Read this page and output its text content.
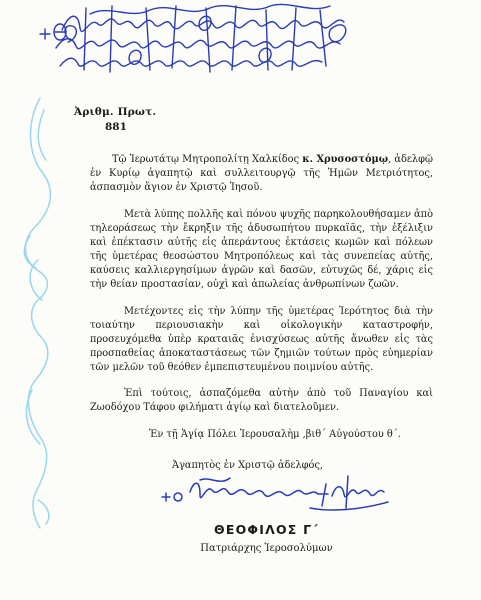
Ἀριθμ. Πρωτ.
881

Τῷ Ἱερωτάτῳ Μητροπολίτῃ Χαλκίδος κ. Χρυσοστόμῳ, ἀδελφῷ ἐν Κυρίῳ ἀγαπητῷ καὶ συλλειτουργῷ τῆς Ἡμῶν Μετριότητος, ἀσπασμὸν ἅγιον ἐν Χριστῷ Ἰησοῦ.

Μετὰ λύπης πολλῆς καὶ πόνου ψυχῆς παρηκολουθήσαμεν ἀπὸ τηλεοράσεως τὴν ἔκρηξιν τῆς ἀδυσωπήτου πυρκαϊᾶς, τὴν ἐξέλιξιν καὶ ἐπέκτασιν αὐτῆς εἰς ἀπεράντους ἐκτάσεις κωμῶν καὶ πόλεων τῆς ὑμετέρας θεοσώστου Μητροπόλεως καὶ τὰς συνεπείας αὐτῆς, καύσεις καλλιεργησίμων ἀγρῶν καὶ δασῶν, εὐτυχῶς δέ, χάρις εἰς τὴν θείαν προστασίαν, οὐχὶ καὶ ἀπωλείας ἀνθρωπίνων ζωῶν.

Μετέχοντες εἰς τὴν λύπην τῆς ὑμετέρας Ἱερότητος διὰ τὴν τοιαύτην περιουσιακὴν καὶ οἰκολογικὴν καταστροφήν, προσευχόμεθα ὑπὲρ κραταιᾶς ἐνισχύσεως αὐτῆς ἄνωθεν εἰς τὰς προσπαθείας ἀποκαταστάσεως τῶν ζημιῶν τούτων πρὸς εὐημερίαν τῶν μελῶν τοῦ θεόθεν ἐμπεπιστευμένου ποιμνίου αὐτῆς.

Ἐπὶ τούτοις, ἀσπαζόμεθα αὐτὴν ἀπὸ τοῦ Παναγίου καὶ Ζωοδόχου Τάφου φιλήματι ἁγίῳ καὶ διατελοῦμεν.

Ἐν τῇ Ἁγίᾳ Πόλει Ἱερουσαλὴμ ,βιθ´ Αὐγούστου θ´.
Ἀγαπητὸς ἐν Χριστῷ ἀδελφός,
ΘΕΟΦΙΛΟΣ Γ΄
Πατριάρχης Ἱεροσολύμων
